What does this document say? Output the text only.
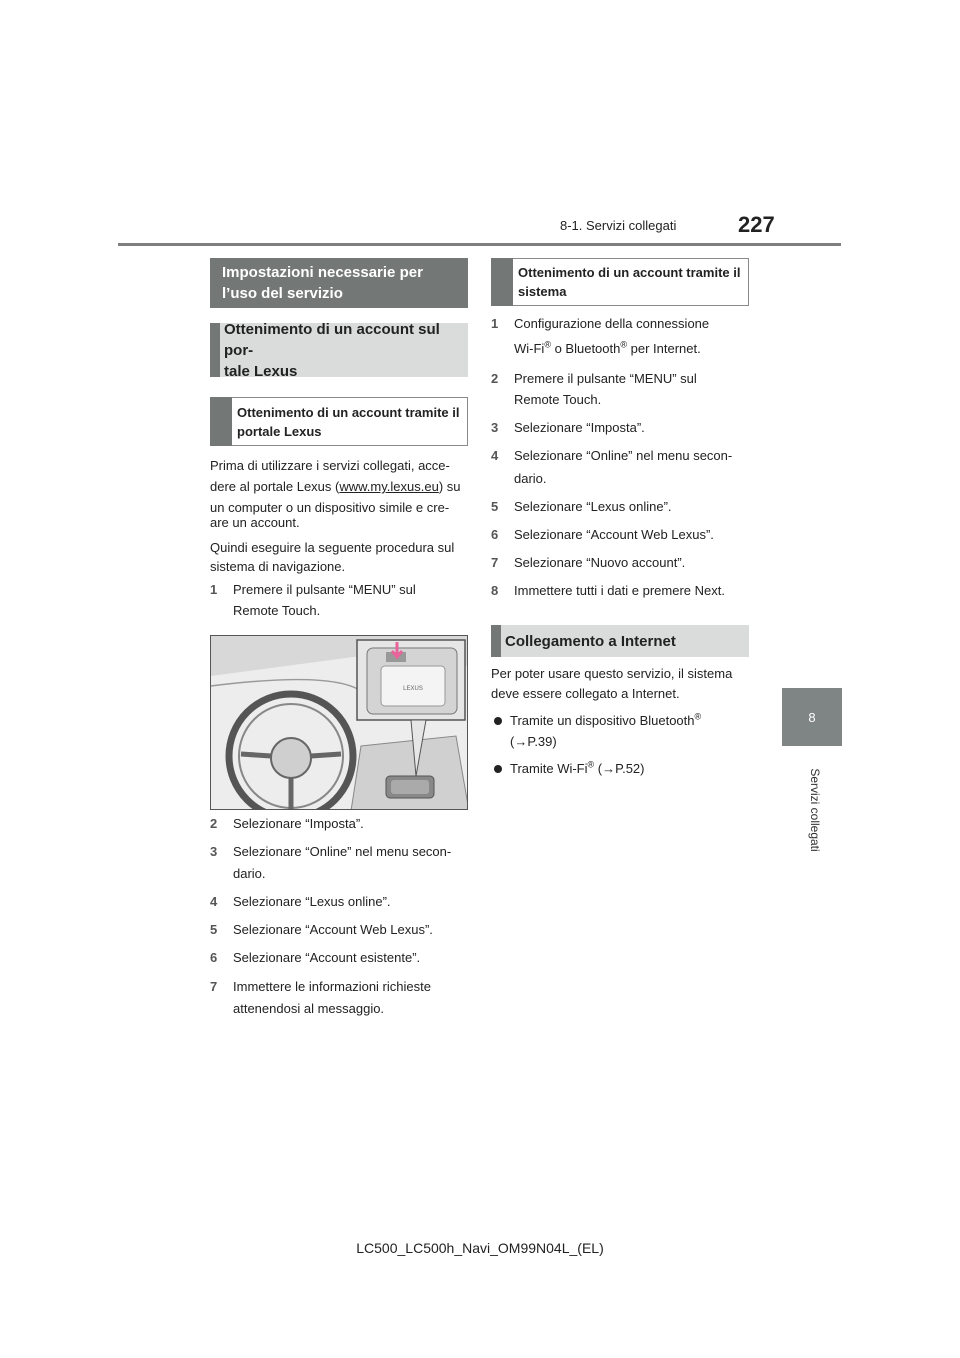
8-1. Servizi collegati	227
8
Servizi collegati
Impostazioni necessarie per l’uso del servizio
Ottenimento di un account sul por-
tale Lexus
Ottenimento di un account tramite il
portale Lexus
Prima di utilizzare i servizi collegati, acce-
dere al portale Lexus (www.my.lexus.eu) su
un computer o un dispositivo simile e cre-
are un account.
Quindi eseguire la seguente procedura sul
sistema di navigazione.
1 Premere il pulsante “MENU” sul
Remote Touch.
LEXUS
2 Selezionare “Imposta”.
3 Selezionare “Online” nel menu secon-
dario.
4 Selezionare “Lexus online”.
5 Selezionare “Account Web Lexus”.
6 Selezionare “Account esistente”.
7 Immettere le informazioni richieste
attenendosi al messaggio.
Ottenimento di un account tramite il
sistema
1 Configurazione della connessione
Wi-Fi® o Bluetooth® per Internet.
2 Premere il pulsante “MENU” sul
Remote Touch.
3 Selezionare “Imposta”.
4 Selezionare “Online” nel menu secon-
dario.
5 Selezionare “Lexus online”.
6 Selezionare “Account Web Lexus”.
7 Selezionare “Nuovo account”.
8 Immettere tutti i dati e premere Next.
Collegamento a Internet
Per poter usare questo servizio, il sistema
deve essere collegato a Internet.
Tramite un dispositivo Bluetooth®
(→P.39)
Tramite Wi-Fi® (→P.52)
LC500_LC500h_Navi_OM99N04L_(EL)
